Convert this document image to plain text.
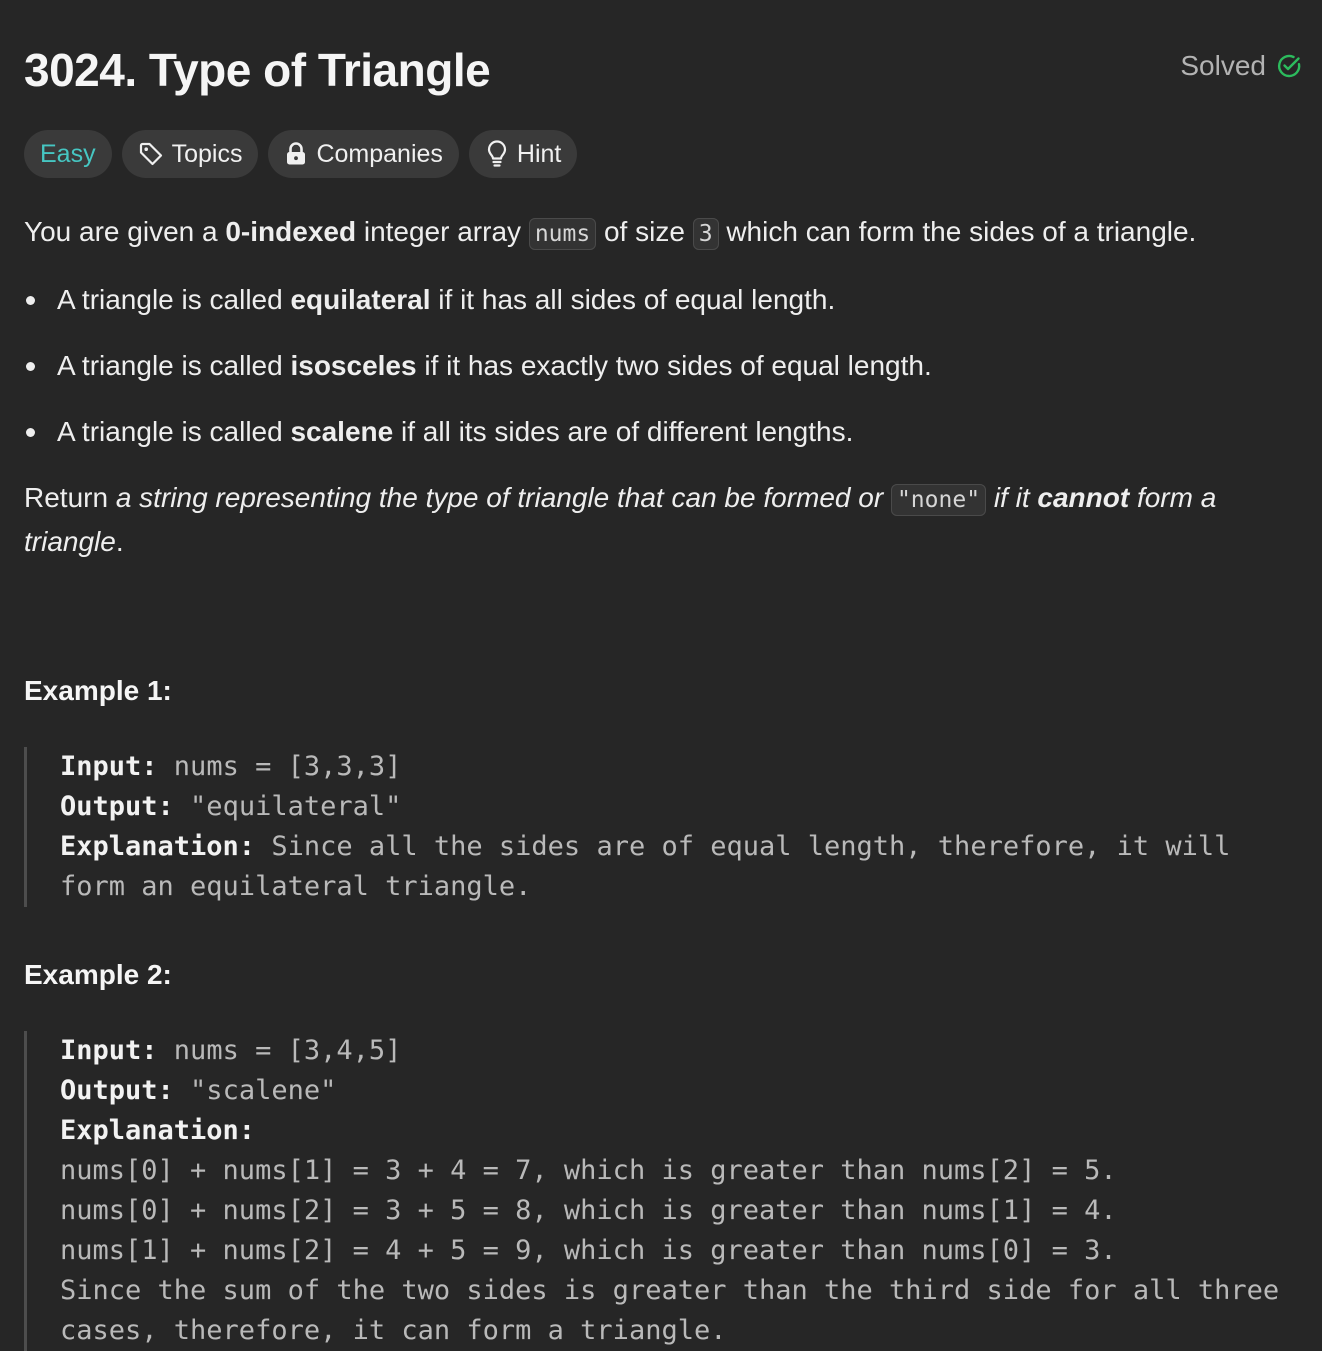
3024. Type of Triangle	Solved
Easy	Topics	Companies	Hint

You are given a 0-indexed integer array nums of size 3 which can form the sides of a triangle.

A triangle is called equilateral if it has all sides of equal length.
A triangle is called isosceles if it has exactly two sides of equal length.
A triangle is called scalene if all its sides are of different lengths.

Return a string representing the type of triangle that can be formed or "none" if it cannot form a triangle.

Example 1:

Input: nums = [3,3,3]
Output: "equilateral"
Explanation: Since all the sides are of equal length, therefore, it will form an equilateral triangle.

Example 2:

Input: nums = [3,4,5]
Output: "scalene"
Explanation:
nums[0] + nums[1] = 3 + 4 = 7, which is greater than nums[2] = 5.
nums[0] + nums[2] = 3 + 5 = 8, which is greater than nums[1] = 4.
nums[1] + nums[2] = 4 + 5 = 9, which is greater than nums[0] = 3.
Since the sum of the two sides is greater than the third side for all three cases, therefore, it can form a triangle.
